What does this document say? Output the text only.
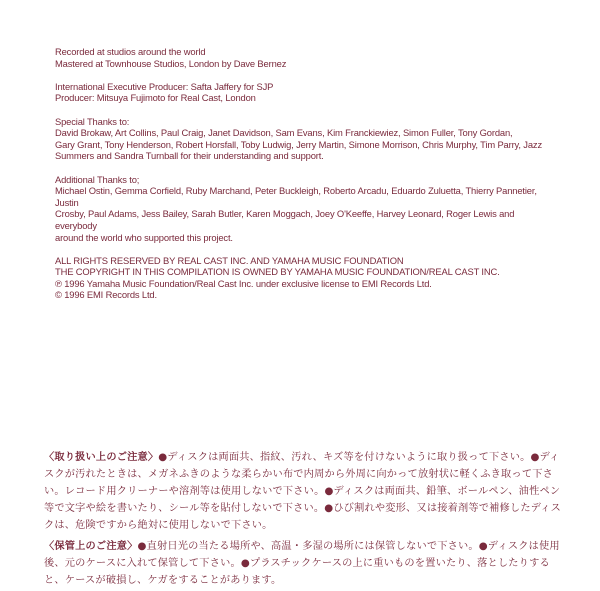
Recorded at studios around the world

Mastered at Townhouse Studios, London by Dave Bernez

International Executive Producer: Safta Jaffery for SJP

Producer: Mitsuya Fujimoto for Real Cast, London

Special Thanks to:

David Brokaw, Art Collins, Paul Craig, Janet Davidson, Sam Evans, Kim Franckiewiez, Simon Fuller, Tony Gordan,

Gary Grant, Tony Henderson, Robert Horsfall, Toby Ludwig, Jerry Martin, Simone Morrison, Chris Murphy, Tim Parry, Jazz

Summers and Sandra Turnball for their understanding and support.

Additional Thanks to;

Michael Ostin, Gemma Corfield, Ruby Marchand, Peter Buckleigh, Roberto Arcadu, Eduardo Zuluetta, Thierry Pannetier, Justin

Crosby, Paul Adams, Jess Bailey, Sarah Butler, Karen Moggach, Joey O'Keeffe, Harvey Leonard, Roger Lewis and everybody

around the world who supported this project.

ALL RIGHTS RESERVED BY REAL CAST INC. AND YAMAHA MUSIC FOUNDATION

THE COPYRIGHT IN THIS COMPILATION IS OWNED BY YAMAHA MUSIC FOUNDATION/REAL CAST INC.

℗ 1996 Yamaha Music Foundation/Real Cast Inc. under exclusive license to EMI Records Ltd.

© 1996 EMI Records Ltd.

〈取り扱い上のご注意〉●ディスクは両面共、指紋、汚れ、キズ等を付けないように取り扱って下さい。●ディスクが汚れたときは、メガネふきのような柔らかい布で内周から外周に向かって放射状に軽くふき取って下さい。レコード用クリーナーや溶剤等は使用しないで下さい。●ディスクは両面共、鉛筆、ボールペン、油性ペン等で文字や絵を書いたり、シール等を貼付しないで下さい。●ひび割れや変形、又は接着剤等で補修したディスクは、危険ですから絶対に使用しないで下さい。

〈保管上のご注意〉●直射日光の当たる場所や、高温・多湿の場所には保管しないで下さい。●ディスクは使用後、元のケースに入れて保管して下さい。●プラスチックケースの上に重いものを置いたり、落としたりすると、ケースが破損し、ケガをすることがあります。
